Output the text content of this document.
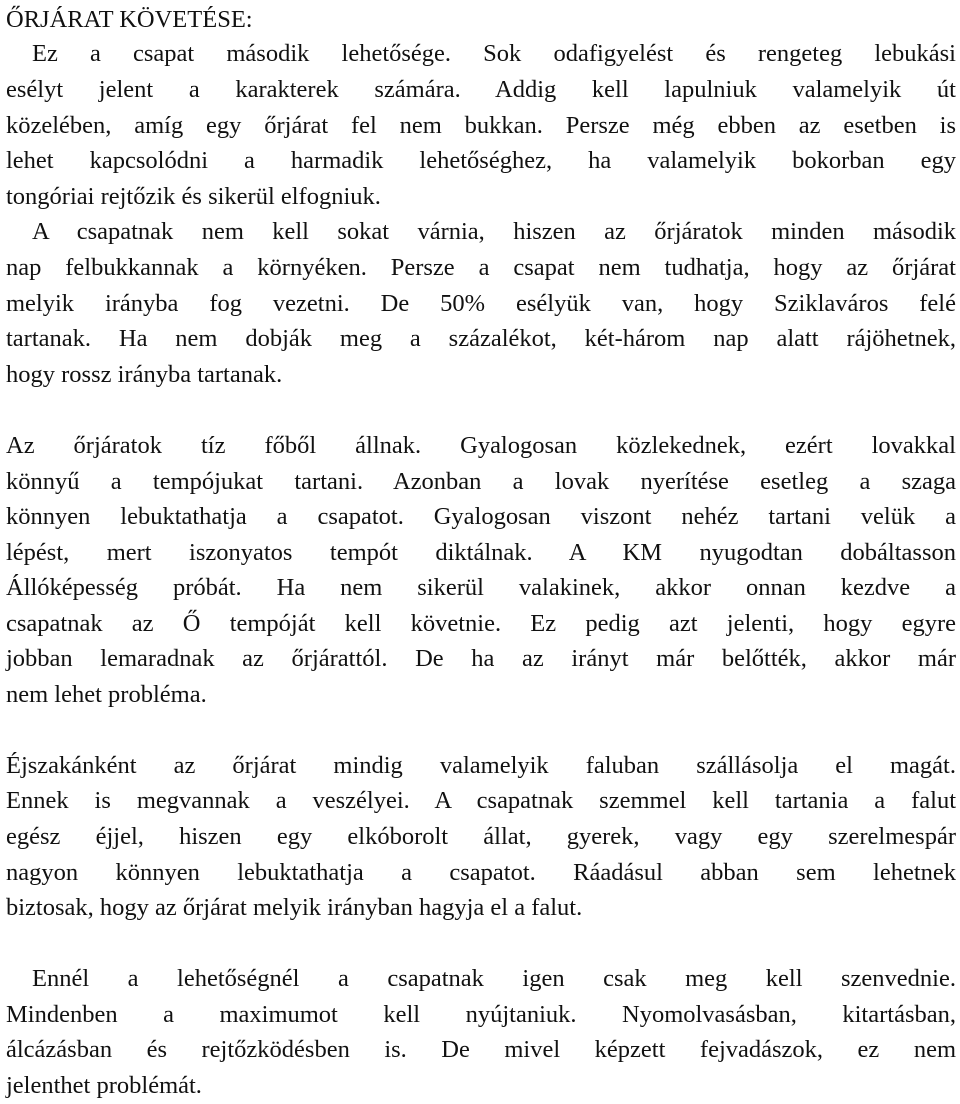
ŐRJÁRAT KÖVETÉSE:
Ez a csapat második lehetősége. Sok odafigyelést és rengeteg lebukási
esélyt jelent a karakterek számára. Addig kell lapulniuk valamelyik út
közelében, amíg egy őrjárat fel nem bukkan. Persze még ebben az esetben is
lehet kapcsolódni a harmadik lehetőséghez, ha valamelyik bokorban egy
tongóriai rejtőzik és sikerül elfogniuk.
A csapatnak nem kell sokat várnia, hiszen az őrjáratok minden második
nap felbukkannak a környéken. Persze a csapat nem tudhatja, hogy az őrjárat
melyik irányba fog vezetni. De 50% esélyük van, hogy Sziklaváros felé
tartanak. Ha nem dobják meg a százalékot, két-három nap alatt rájöhetnek,
hogy rossz irányba tartanak.
Az őrjáratok tíz főből állnak. Gyalogosan közlekednek, ezért lovakkal
könnyű a tempójukat tartani. Azonban a lovak nyerítése esetleg a szaga
könnyen lebuktathatja a csapatot. Gyalogosan viszont nehéz tartani velük a
lépést, mert iszonyatos tempót diktálnak. A KM nyugodtan dobáltasson
Állóképesség próbát. Ha nem sikerül valakinek, akkor onnan kezdve a
csapatnak az Ő tempóját kell követnie. Ez pedig azt jelenti, hogy egyre
jobban lemaradnak az őrjárattól. De ha az irányt már belőtték, akkor már
nem lehet probléma.
Éjszakánként az őrjárat mindig valamelyik faluban szállásolja el magát.
Ennek is megvannak a veszélyei. A csapatnak szemmel kell tartania a falut
egész éjjel, hiszen egy elkóborolt állat, gyerek, vagy egy szerelmespár
nagyon könnyen lebuktathatja a csapatot. Ráadásul abban sem lehetnek
biztosak, hogy az őrjárat melyik irányban hagyja el a falut.
Ennél a lehetőségnél a csapatnak igen csak meg kell szenvednie.
Mindenben a maximumot kell nyújtaniuk. Nyomolvasásban, kitartásban,
álcázásban és rejtőzködésben is. De mivel képzett fejvadászok, ez nem
jelenthet problémát.
